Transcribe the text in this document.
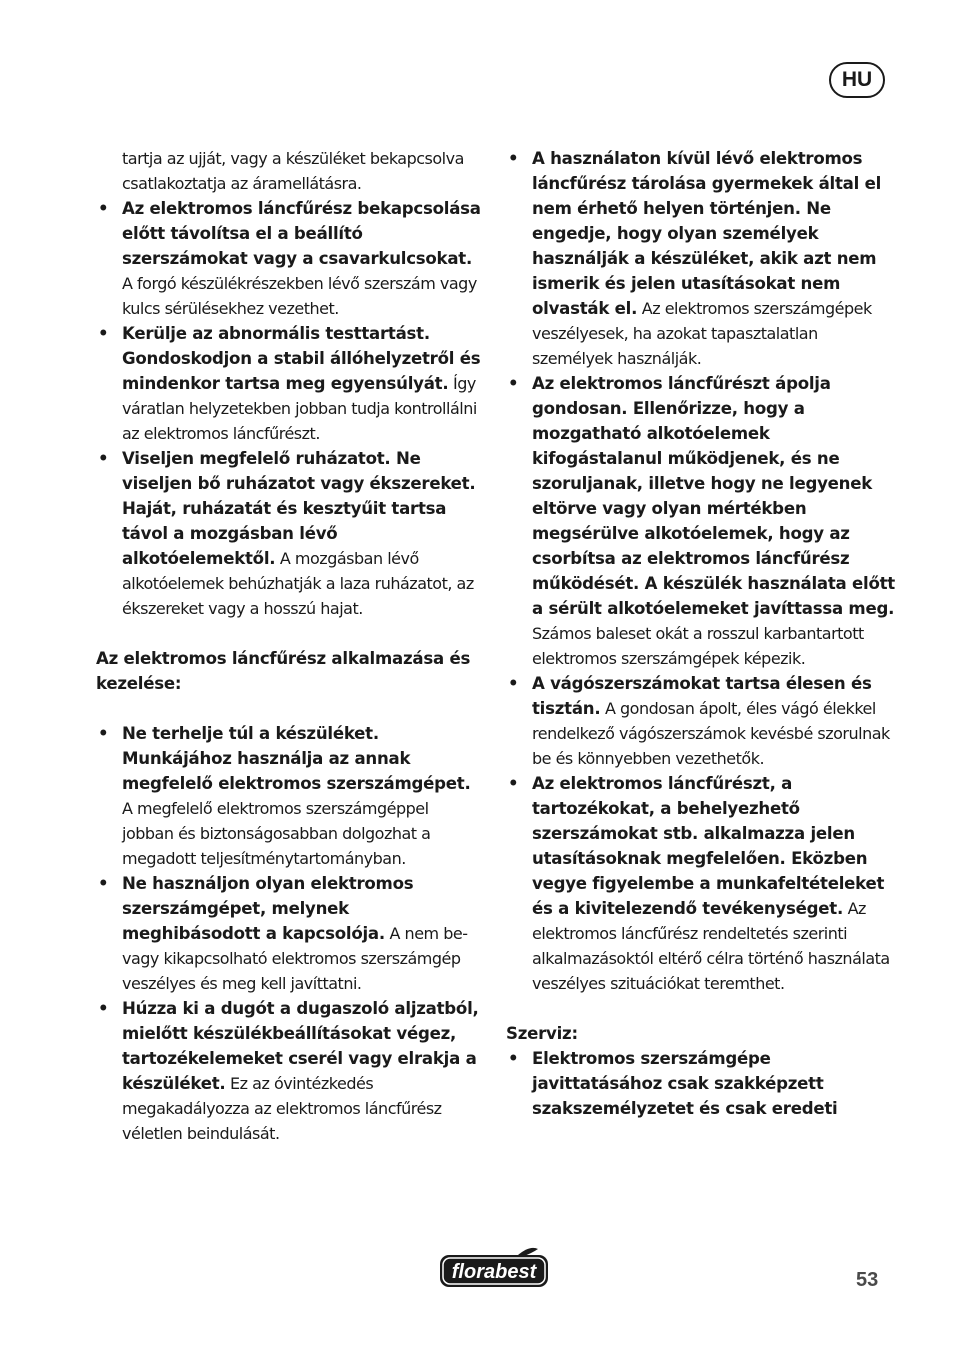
HU
tartja az ujját, vagy a készüléket bekapcsolva csatlakoztatja az áramellátásra.
• Az elektromos láncfűrész bekapcsolása előtt távolítsa el a beállító szerszámokat vagy a csavarkulcsokat. A forgó készülékrészekben lévő szerszám vagy kulcs sérülésekhez vezethet.
• Kerülje az abnormális testtartást. Gondoskodjon a stabil állóhelyzetről és mindenkor tartsa meg egyensúlyát. Így váratlan helyzetekben jobban tudja kontrollálni az elektromos láncfűrészt.
• Viseljen megfelelő ruházatot. Ne viseljen bő ruházatot vagy ékszereket. Haját, ruházatát és kesztyűit tartsa távol a mozgásban lévő alkotóelemektől. A mozgásban lévő alkotóelemek behúzhatják a laza ruházatot, az ékszereket vagy a hosszú hajat.
Az elektromos láncfűrész alkalmazása és kezelése:
• Ne terhelje túl a készüléket. Munkájához használja az annak megfelelő elektromos szerszámgépet. A megfelelő elektromos szerszámgéppel jobban és biztonságosabban dolgozhat a megadott teljesítménytartományban.
• Ne használjon olyan elektromos szerszámgépet, melynek meghibásodott a kapcsolója. A nem be- vagy kikapcsolható elektromos szerszámgép veszélyes és meg kell javíttatni.
• Húzza ki a dugót a dugaszoló aljzatból, mielőtt készülékbeállításokat végez, tartozékelemeket cserél vagy elrakja a készüléket. Ez az óvintézkedés megakadályozza az elektromos láncfűrész véletlen beindulását.
• A használaton kívül lévő elektromos láncfűrész tárolása gyermekek által el nem érhető helyen történjen. Ne engedje, hogy olyan személyek használják a készüléket, akik azt nem ismerik és jelen utasításokat nem olvasták el. Az elektromos szerszámgépek veszélyesek, ha azokat tapasztalatlan személyek használják.
• Az elektromos láncfűrészt ápolja gondosan. Ellenőrizze, hogy a mozgatható alkotóelemek kifogástalanul működjenek, és ne szoruljanak, illetve hogy ne legyenek eltörve vagy olyan mértékben megsérülve alkotóelemek, hogy az csorbítsa az elektromos láncfűrész működését. A készülék használata előtt a sérült alkotóelemeket javíttassa meg. Számos baleset okát a rosszul karbantartott elektromos szerszámgépek képezik.
• A vágószerszámokat tartsa élesen és tisztán. A gondosan ápolt, éles vágó élekkel rendelkező vágószerszámok kevésbé szorulnak be és könnyebben vezethetők.
• Az elektromos láncfűrészt, a tartozékokat, a behelyezhető szerszámokat stb. alkalmazza jelen utasításoknak megfelelően. Eközben vegye figyelembe a munkafeltételeket és a kivitelezendő tevékenységet. Az elektromos láncfűrész rendeltetés szerinti alkalmazásoktól eltérő célra történő használata veszélyes szituációkat teremthet.
Szerviz:
• Elektromos szerszámgépe javittatásához csak szakképzett szakszemélyzetet és csak eredeti
florabest	53
